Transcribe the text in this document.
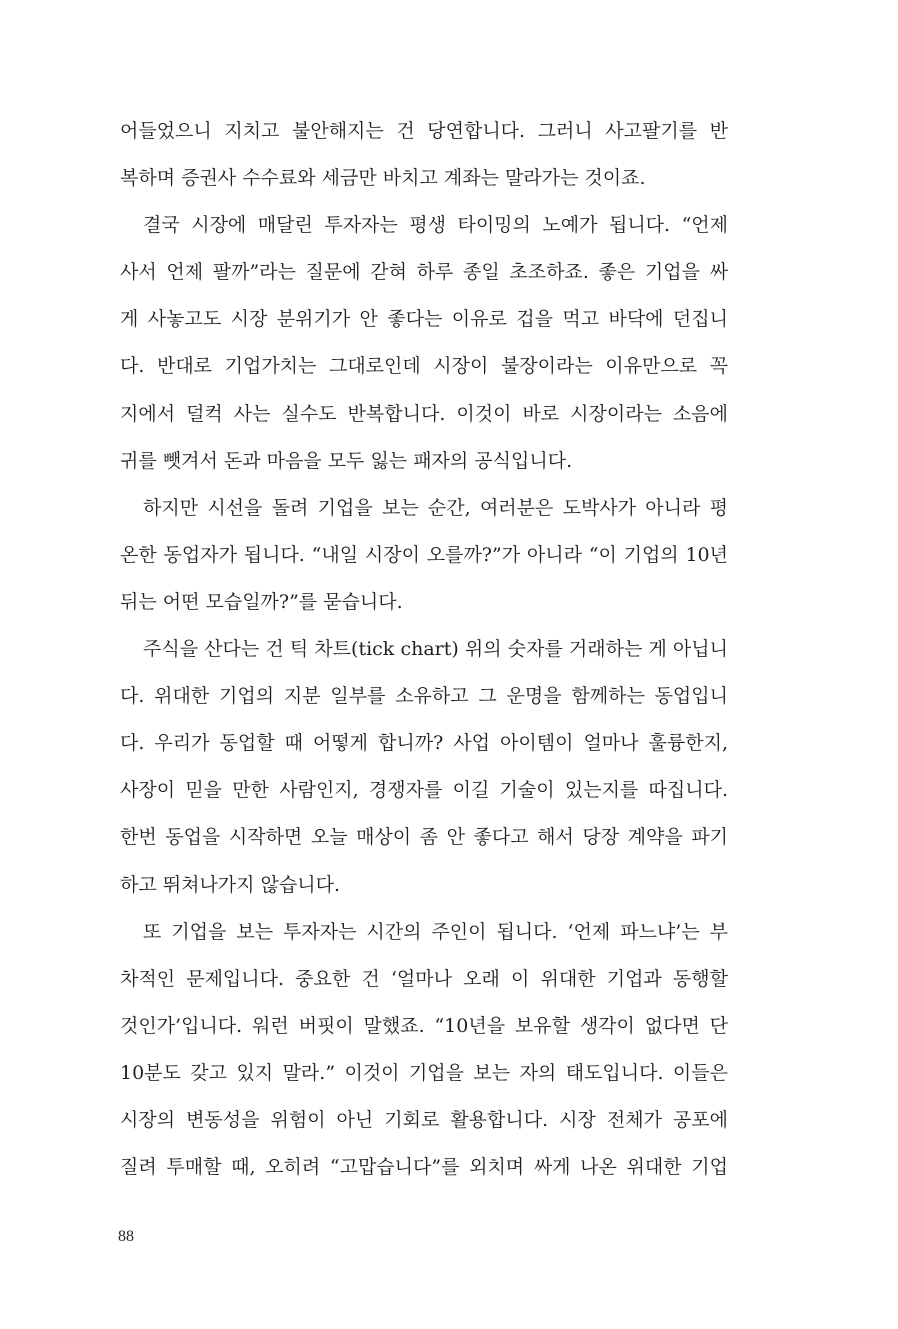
어들었으니 지치고 불안해지는 건 당연합니다. 그러니 사고팔기를 반
복하며 증권사 수수료와 세금만 바치고 계좌는 말라가는 것이죠.
결국 시장에 매달린 투자자는 평생 타이밍의 노예가 됩니다. “언제
사서 언제 팔까”라는 질문에 갇혀 하루 종일 초조하죠. 좋은 기업을 싸
게 사놓고도 시장 분위기가 안 좋다는 이유로 겁을 먹고 바닥에 던집니
다. 반대로 기업가치는 그대로인데 시장이 불장이라는 이유만으로 꼭
지에서 덜컥 사는 실수도 반복합니다. 이것이 바로 시장이라는 소음에
귀를 뺏겨서 돈과 마음을 모두 잃는 패자의 공식입니다.
하지만 시선을 돌려 기업을 보는 순간, 여러분은 도박사가 아니라 평
온한 동업자가 됩니다. “내일 시장이 오를까?”가 아니라 “이 기업의 10년
뒤는 어떤 모습일까?”를 묻습니다.
주식을 산다는 건 틱 차트(tick chart) 위의 숫자를 거래하는 게 아닙니
다. 위대한 기업의 지분 일부를 소유하고 그 운명을 함께하는 동업입니
다. 우리가 동업할 때 어떻게 합니까? 사업 아이템이 얼마나 훌륭한지,
사장이 믿을 만한 사람인지, 경쟁자를 이길 기술이 있는지를 따집니다.
한번 동업을 시작하면 오늘 매상이 좀 안 좋다고 해서 당장 계약을 파기
하고 뛰쳐나가지 않습니다.
또 기업을 보는 투자자는 시간의 주인이 됩니다. ‘언제 파느냐’는 부
차적인 문제입니다. 중요한 건 ‘얼마나 오래 이 위대한 기업과 동행할
것인가’입니다. 워런 버핏이 말했죠. “10년을 보유할 생각이 없다면 단
10분도 갖고 있지 말라.” 이것이 기업을 보는 자의 태도입니다. 이들은
시장의 변동성을 위험이 아닌 기회로 활용합니다. 시장 전체가 공포에
질려 투매할 때, 오히려 “고맙습니다”를 외치며 싸게 나온 위대한 기업
88
